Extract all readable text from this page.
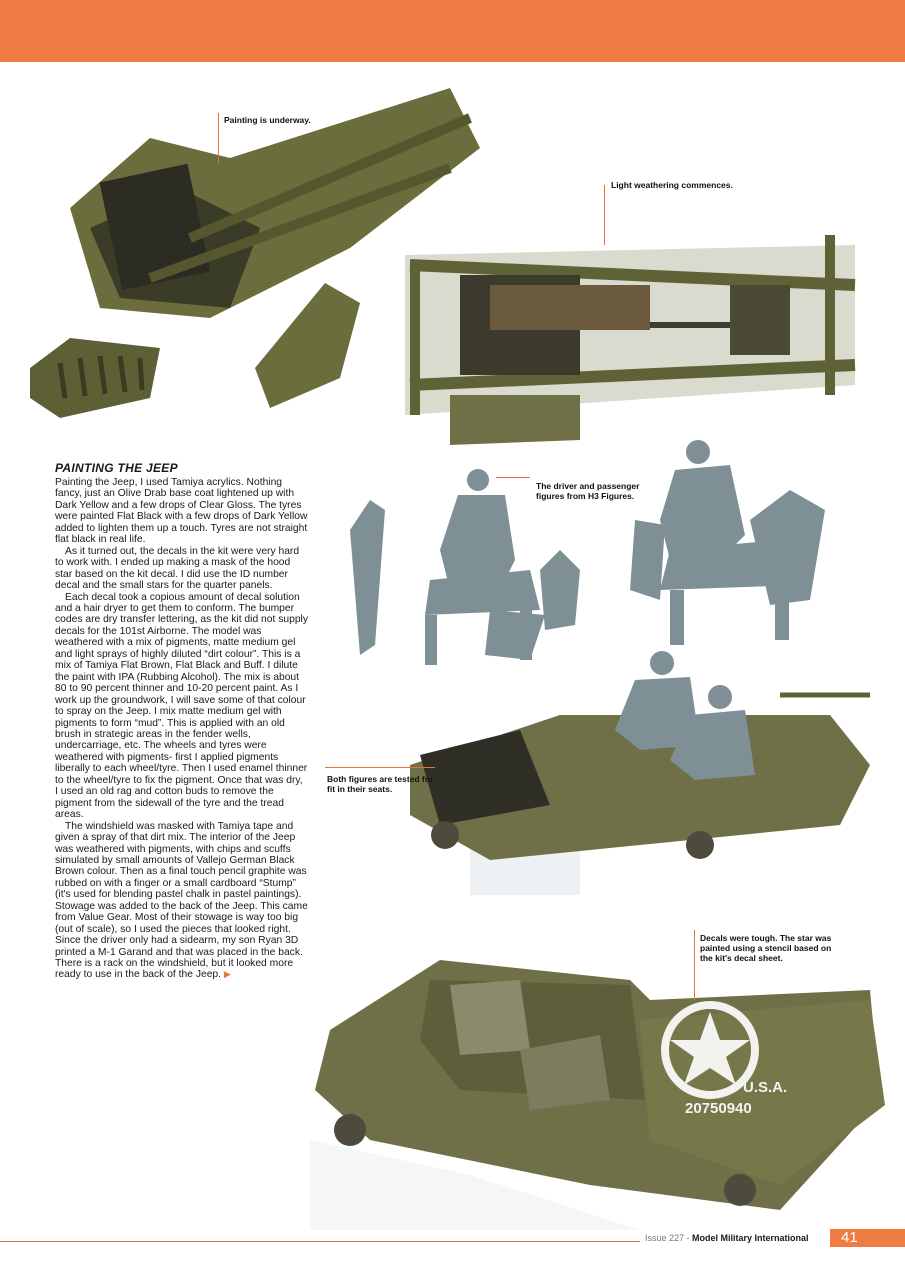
Painting is underway.
Light weathering commences.
The driver and passenger figures from H3 Figures.
Both figures are tested for fit in their seats.
U.S.A.
20750940
Decals were tough. The star was painted using a stencil based on the kit's decal sheet.
PAINTING THE JEEP

Painting the Jeep, I used Tamiya acrylics. Nothing fancy, just an Olive Drab base coat lightened up with Dark Yellow and a few drops of Clear Gloss. The tyres were painted Flat Black with a few drops of Dark Yellow added to lighten them up a touch. Tyres are not straight flat black in real life.

As it turned out, the decals in the kit were very hard to work with. I ended up making a mask of the hood star based on the kit decal. I did use the ID number decal and the small stars for the quarter panels.

Each decal took a copious amount of decal solution and a hair dryer to get them to conform. The bumper codes are dry transfer lettering, as the kit did not supply decals for the 101st Airborne. The model was weathered with a mix of pigments, matte medium gel and light sprays of highly diluted “dirt colour”. This is a mix of Tamiya Flat Brown, Flat Black and Buff. I dilute the paint with IPA (Rubbing Alcohol). The mix is about 80 to 90 percent thinner and 10-20 percent paint. As I work up the groundwork, I will save some of that colour to spray on the Jeep. I mix matte medium gel with pigments to form “mud”. This is applied with an old brush in strategic areas in the fender wells, undercarriage, etc. The wheels and tyres were weathered with pigments- first I applied pigments liberally to each wheel/tyre. Then I used enamel thinner to the wheel/tyre to fix the pigment. Once that was dry, I used an old rag and cotton buds to remove the pigment from the sidewall of the tyre and the tread areas.

The windshield was masked with Tamiya tape and given a spray of that dirt mix. The interior of the Jeep was weathered with pigments, with chips and scuffs simulated by small amounts of Vallejo German Black Brown colour. Then as a final touch pencil graphite was rubbed on with a finger or a small cardboard “Stump” (it's used for blending pastel chalk in pastel paintings). Stowage was added to the back of the Jeep. This came from Value Gear. Most of their stowage is way too big (out of scale), so I used the pieces that looked right. Since the driver only had a sidearm, my son Ryan 3D printed a M-1 Garand and that was placed in the back. There is a rack on the windshield, but it looked more ready to use in the back of the Jeep. ▶

Issue 227 - Model Military International	41
